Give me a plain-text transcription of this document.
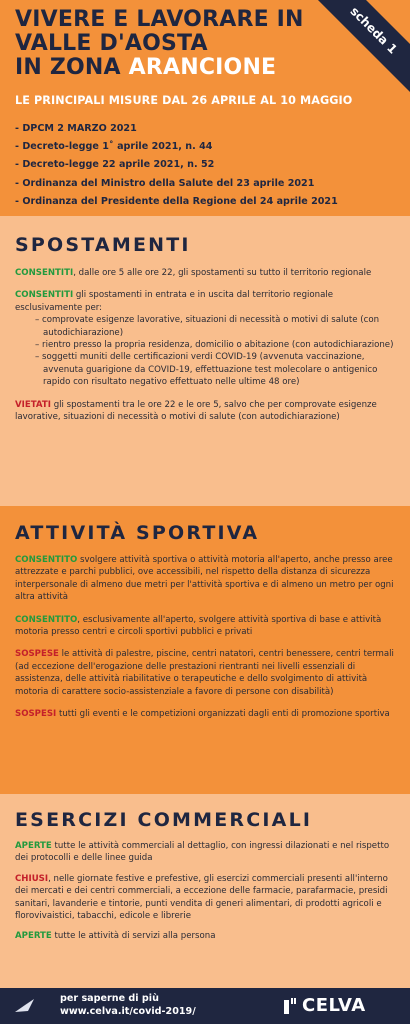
VIVERE E LAVORARE IN
VALLE D'AOSTA
IN ZONA ARANCIONE
LE PRINCIPALI MISURE DAL 26 APRILE AL 10 MAGGIO
- DPCM 2 MARZO 2021
- Decreto-legge 1˚ aprile 2021, n. 44
- Decreto-legge 22 aprile 2021, n. 52
- Ordinanza del Ministro della Salute del 23 aprile 2021
- Ordinanza del Presidente della Regione del 24 aprile 2021
scheda 1
SPOSTAMENTI

CONSENTITI, dalle ore 5 alle ore 22, gli spostamenti su tutto il territorio regionale

CONSENTITI gli spostamenti in entrata e in uscita dal territorio regionale esclusivamente per:

– comprovate esigenze lavorative, situazioni di necessità o motivi di salute (con autodichiarazione)
– rientro presso la propria residenza, domicilio o abitazione (con autodichiarazione)
– soggetti muniti delle certificazioni verdi COVID-19 (avvenuta vaccinazione, avvenuta guarigione da COVID-19, effettuazione test molecolare o antigenico rapido con risultato negativo effettuato nelle ultime 48 ore)

VIETATI gli spostamenti tra le ore 22 e le ore 5, salvo che per comprovate esigenze lavorative, situazioni di necessità o motivi di salute (con autodichiarazione)

ATTIVITÀ SPORTIVA

CONSENTITO svolgere attività sportiva o attività motoria all'aperto, anche presso aree attrezzate e parchi pubblici, ove accessibili, nel rispetto della distanza di sicurezza interpersonale di almeno due metri per l'attività sportiva e di almeno un metro per ogni altra attività

CONSENTITO, esclusivamente all'aperto, svolgere attività sportiva di base e attività motoria presso centri e circoli sportivi pubblici e privati

SOSPESE le attività di palestre, piscine, centri natatori, centri benessere, centri termali (ad eccezione dell'erogazione delle prestazioni rientranti nei livelli essenziali di assistenza, delle attività riabilitative o terapeutiche e dello svolgimento di attività motoria di carattere socio-assistenziale a favore di persone con disabilità)

SOSPESI tutti gli eventi e le competizioni organizzati dagli enti di promozione sportiva

ESERCIZI COMMERCIALI

APERTE tutte le attività commerciali al dettaglio, con ingressi dilazionati e nel rispetto dei protocolli e delle linee guida

CHIUSI, nelle giornate festive e prefestive, gli esercizi commerciali presenti all'interno dei mercati e dei centri commerciali, a eccezione delle farmacie, parafarmacie, presidi sanitari, lavanderie e tintorie, punti vendita di generi alimentari, di prodotti agricoli e florovivaistici, tabacchi, edicole e librerie

APERTE tutte le attività di servizi alla persona

per saperne di più
www.celva.it/covid-2019/	CELVA
